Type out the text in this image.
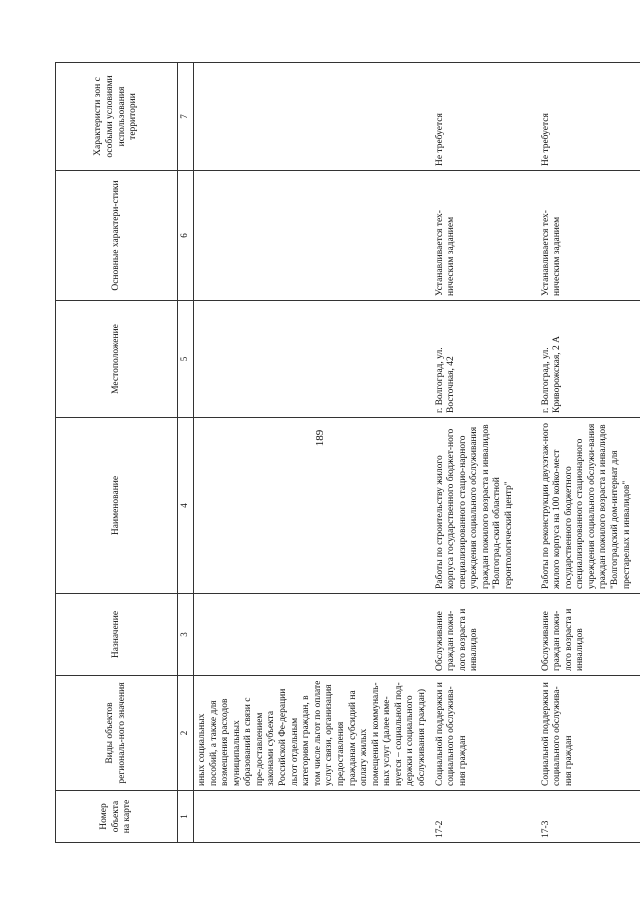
189
Номер объекта на карте	Виды объектов региональ-ного значения	Назначение	Наименование	Местоположение	Основные характери-стики	Характеристи зон с особыми условиями использования территории
1	2	3	4	5	6	7
	иных социальных пособий, а также для возмещения расходов муниципальных образований в связи с пре-доставлением законами субъекта Российской Фе-дерации льгот отдельным категориям граждан, в том числе льгот по оплате услуг связи, организация предоставления гражданам субсидий на оплату жилых помещений и коммуналь-ных услуг (далее име-нуется – социальной под-держки и социального обслуживания граждан)					
17-2	Социальной поддержки и социального обслужива-ния граждан	Обслуживание граждан пожи-лого возраста и инвалидов	Работы по строительству жилого корпуса государственного бюджет-ного специализированного стацио-нарного учреждения социального обслуживания граждан пожилого возраста и инвалидов "Волгоград-ский областной геронтологический центр"	г. Волгоград, ул. Восточная, 42	Устанавливается тех-ническим заданием	Не требуется
17-3	Социальной поддержки и социального обслужива-ния граждан	Обслуживание граждан пожи-лого возраста и инвалидов	Работы по реконструкции двухэтаж-ного жилого корпуса на 100 койко-мест государственного бюджетного специализированного стационарного учреждения социального обслужи-вания граждан пожилого возраста и инвалидов "Волгоградский дом-интернат для престарелых и инвалидов"	г. Волгоград, ул. Криворожская, 2 А	Устанавливается тех-ническим заданием	Не требуется
